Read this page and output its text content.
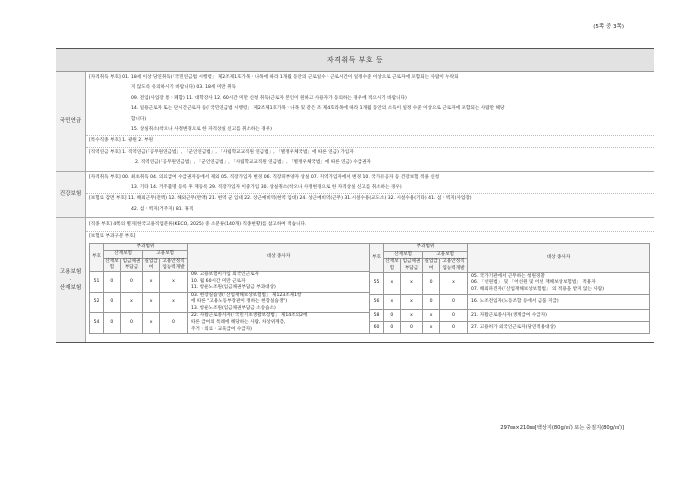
(5쪽 중 3쪽)
자격취득 부호 등
국민연금

[자격취득 부호] 01. 18세 이상 당연취득(「국민연금법 시행령」 제2조제1호가목ㆍ나목에 따라 1개월 동안의 근로일수ㆍ근로시간이 일정수준 이상으로 근로자에 포함되는 사람이 누락되

지 않도록 유의하시기 바랍니다) 03. 18세 미만 취득

09. 전입(사업장 통ㆍ폐합) 11. 대학강사 12. 60시간 미만 신청 취득(근로자 본인이 원하고 사용자가 동의하는 경우에 적으시기 바랍니다)

14. 일용근로자 또는 단시간근로자 등(「국민연금법 시행령」 제2조제1호가목ㆍ나목 및 같은 조 제4호라목에 따라 1개월 동안의 소득이 일정 수준 이상으로 근로자에 포함되는 사람만 해당

합니다)

15. 상실취소(착오나 사정변경으로 한 자격상실 신고를 취소하는 경우)

[특수직종 부호] 1. 광원 2. 부원

[직역연금 부호] 1. 직역연금(「공무원연금법」, 「군인연금법」, 「사립학교교직원 연금법」, 「별정우체국법」에 따른 연금) 가입자

2. 직역연금(「공무원연금법」, 「군인연금법」, 「사립학교교직원 연금법」, 「별정우체국법」에 따른 연금) 수급권자

건강보험

[자격취득 부호] 00. 최초취득 04. 의료급여 수급권자등에서 제외 05. 직장가입자 변경 06. 직장피부양자 상실 07. 지역가입자에서 변경 10. 국가유공자 등 건강보험 적용 신청

13. 기타 14. 거주불명 등록 후 재등록 29. 직장가입자 이중가입 30. 상실취소(착오나 사정변경으로 한 자격상실 신고를 취소하는 경우)

[보험료 감면 부호] 11. 해외근무(전액) 12. 해외근무(반액) 21. 현역 군 입대 22. 상근예비역(현역 입대) 24. 상근예비역(근무) 31.시설수용(교도소) 32. 시설수용(기타) 41. 섬ㆍ벽지(사업장)

42. 섬ㆍ벽지(거주지) 81. 휴직

고용보험
·
산재보험

[직종 부호] 4쪽의 별지[한국고용직업분류(KECO, 2025) 중 소분류(140개) 직종현황]를 참고하여 적습니다.

[보험료 부과구분 부호]

부호	부과범위				대상 종사자
	산재보험		고용보험		
	산재보험	임금채권부담금	실업급여	고용안정직업능력개발	
51	0	0	x	x	09. 고용보험미가입 외국인근로자
10. 월 60시간 미만 근로자
11. 항운노조원(임금채권부담금 부과대상)

52	0	x	x	x	03. 현장실습생(「산업재해보상보험법」 제123조제1항
에 따른 "고용노동부장관이 정하는 현장실습생")
13. 항운노조원(임금채권부담금 소송습소)

54	0	0	x	0	22. 자활근로종사자(「국민기초생활보장법」 제14조의2에
따른 급여의 특례에 해당하는 사람, 차상위계층,
주거ㆍ의료ㆍ교육급여 수급자)
부호	부과범위				대상 종사자
	산재보험		고용보험		
	산재보험	임금채권부담금	실업급여	고용안정직업능력개발	
55	x	x	0	x	05. 국가기관에서 근무하는 청원경찰
06. 「선원법」 및 「어선원 및 어선 재해보상보험법」 적용자
07. 해외파견자(「산업재해보상보험법」 의 적용을 받지 않는 사람)

56	x	x	0	0	16. 노조전임자(노동조합 등에서 금품 지급)

58	0	x	x	0	21. 자활근로종사자(생계급여 수급자)

60	0	0	x	0	27. 고용허가 외국인근로자(당연적용대상)
297㎜×210㎜[백상지(80g/㎡) 또는 중질지(80g/㎡)]
